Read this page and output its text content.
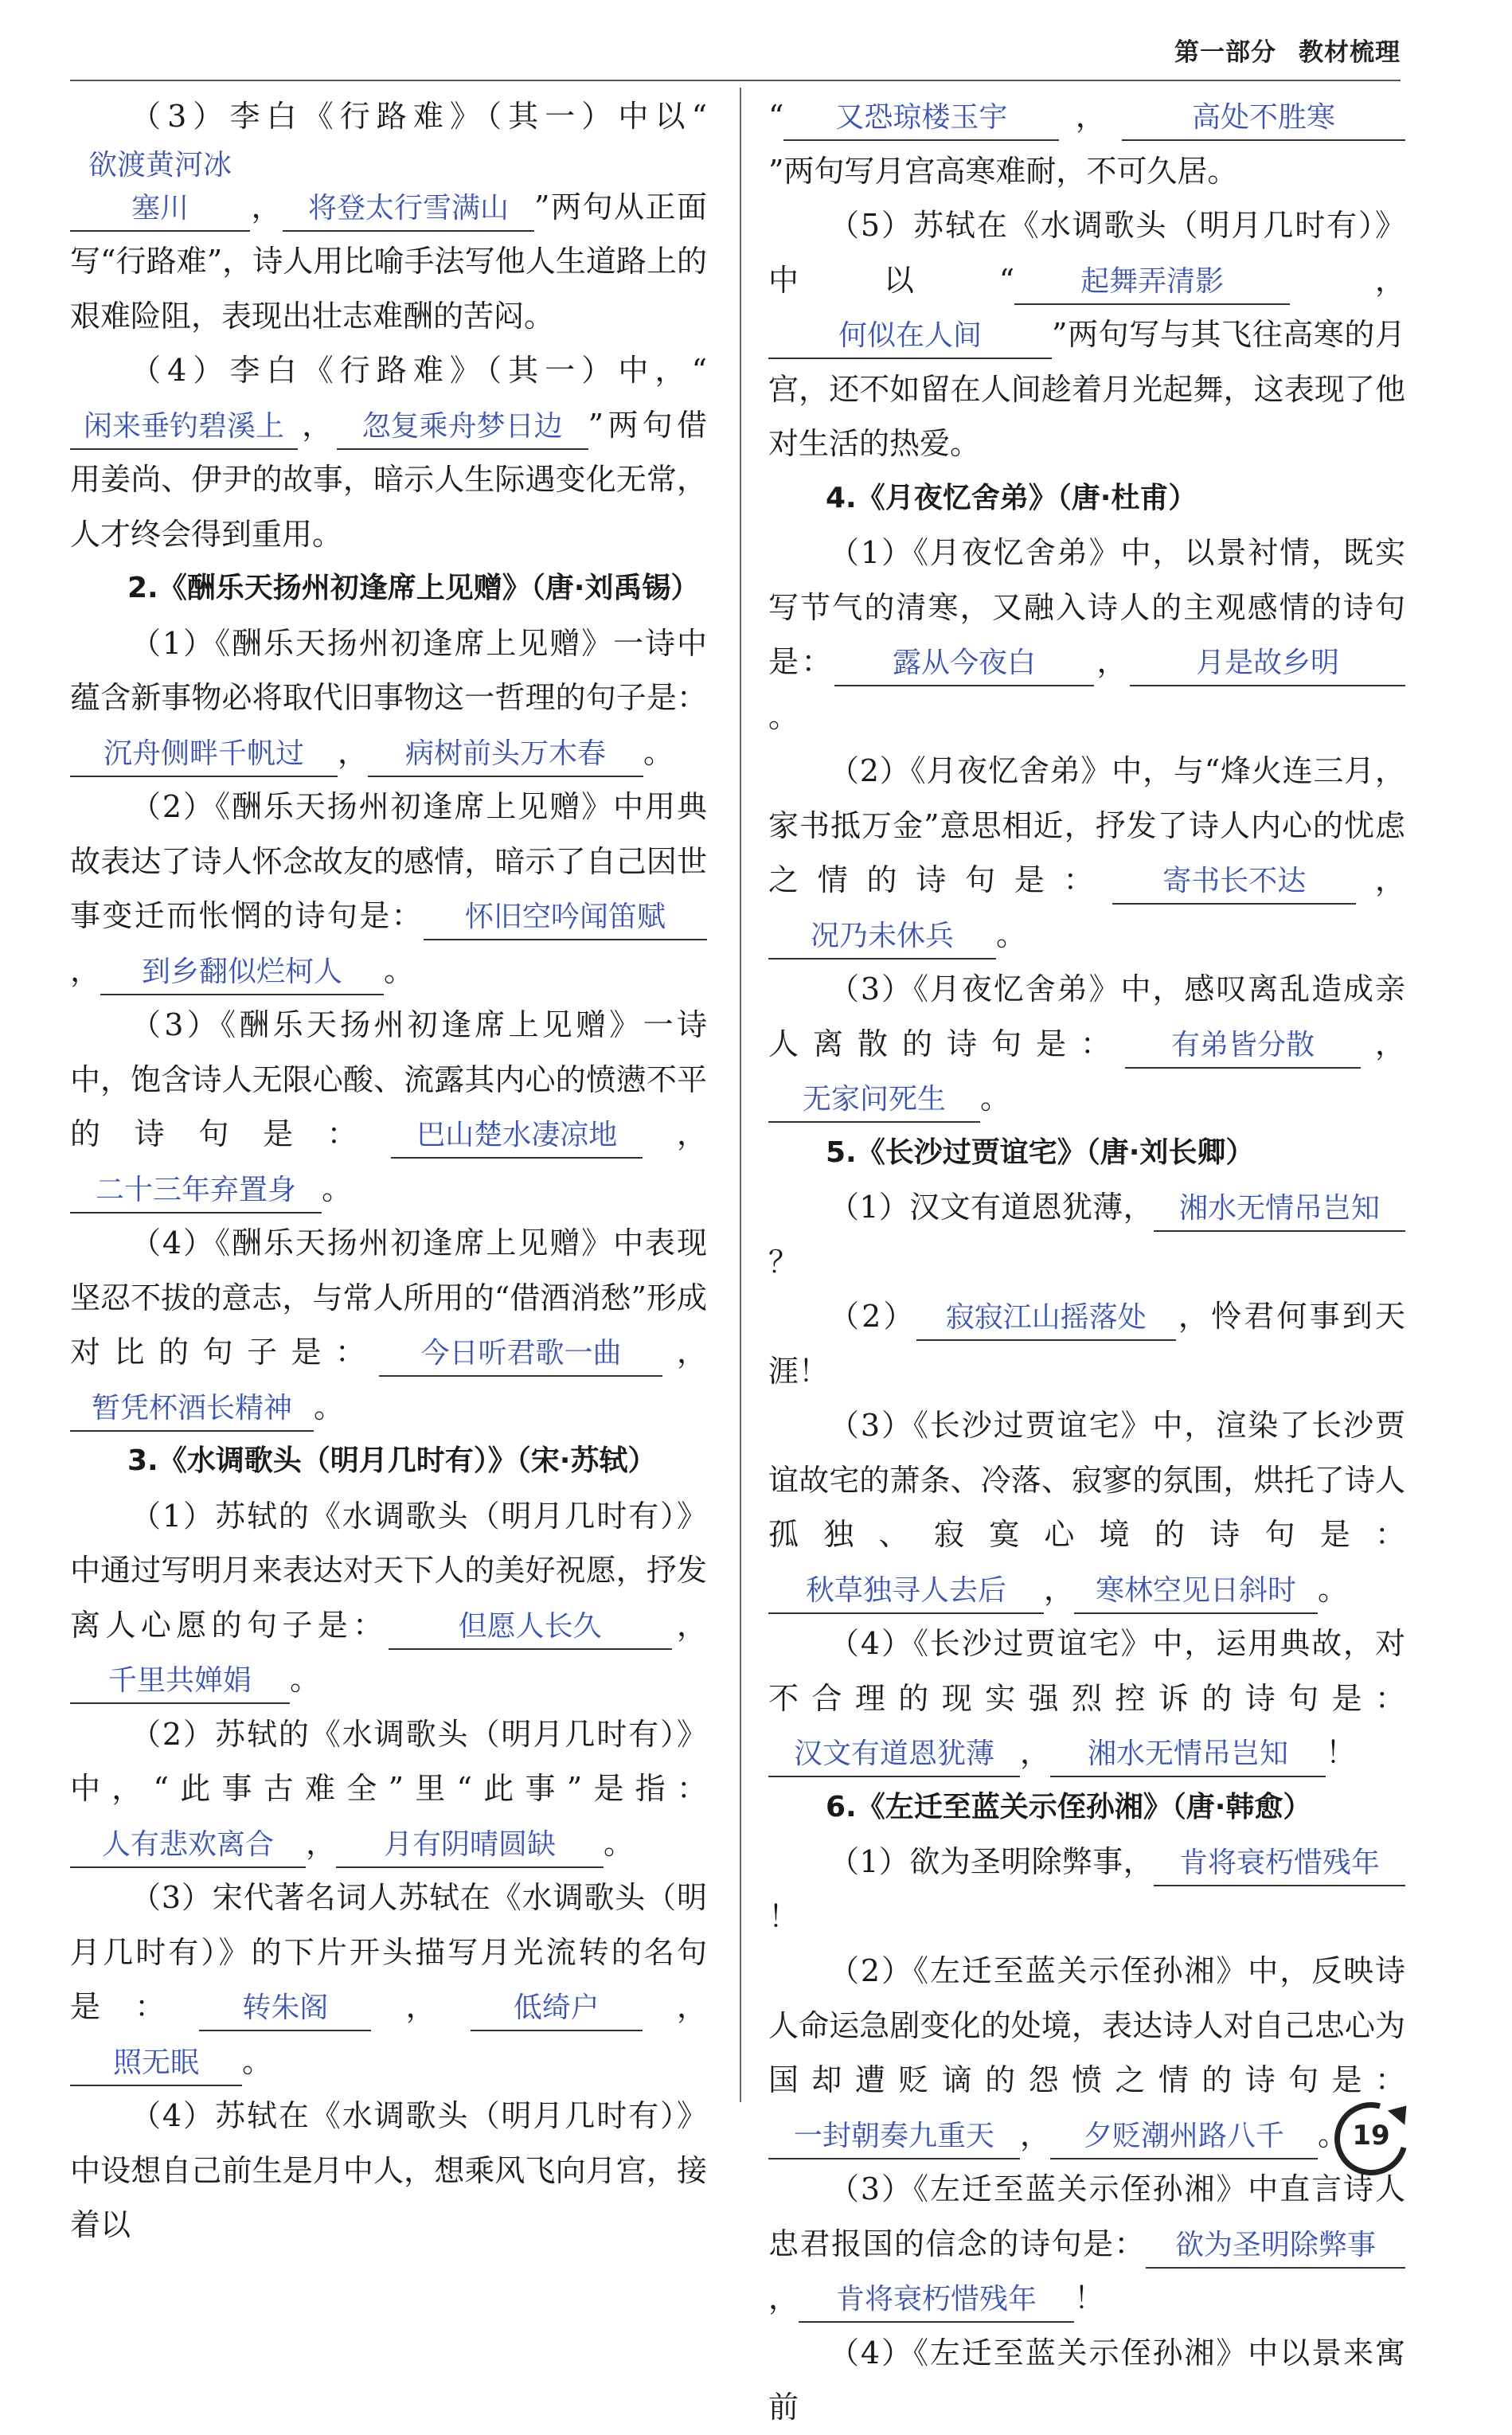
第一部分 教材梳理

（3）李白《行路难》（其一）中以“欲渡黄河冰塞川 ， 将登太行雪满山 ”两句从正面写“行路难”，诗人用比喻手法写他人生道路上的艰难险阻，表现出壮志难酬的苦闷。

（4）李白《行路难》（其一）中，“闲来垂钓碧溪上 ， 忽复乘舟梦日边 ”两句借用姜尚、伊尹的故事，暗示人生际遇变化无常，人才终会得到重用。

2.《酬乐天扬州初逢席上见赠》（唐·刘禹锡）

（1）《酬乐天扬州初逢席上见赠》一诗中蕴含新事物必将取代旧事物这一哲理的句子是：沉舟侧畔千帆过 ， 病树前头万木春 。

（2）《酬乐天扬州初逢席上见赠》中用典故表达了诗人怀念故友的感情，暗示了自己因世事变迁而怅惘的诗句是： 怀旧空吟闻笛赋， 到乡翻似烂柯人 。

（3）《酬乐天扬州初逢席上见赠》一诗中，饱含诗人无限心酸、流露其内心的愤懑不平的诗句是： 巴山楚水凄凉地 ，二十三年弃置身 。

（4）《酬乐天扬州初逢席上见赠》中表现坚忍不拔的意志，与常人所用的“借酒消愁”形成对比的句子是： 今日听君歌一曲 ，暂凭杯酒长精神 。

3.《水调歌头（明月几时有）》（宋·苏轼）

（1）苏轼的《水调歌头（明月几时有）》中通过写明月来表达对天下人的美好祝愿，抒发离人心愿的句子是： 但愿人长久 ，千里共婵娟 。

（2）苏轼的《水调歌头（明月几时有）》中，“此事古难全”里“此事”是指：人有悲欢离合 ， 月有阴晴圆缺 。

（3）宋代著名词人苏轼在《水调歌头（明月几时有）》的下片开头描写月光流转的名句是： 转朱阁 ， 低绮户 ，照无眠 。

（4）苏轼在《水调歌头（明月几时有）》中设想自己前生是月中人，想乘风飞向月宫，接着以

“ 又恐琼楼玉宇 ， 高处不胜寒”两句写月宫高寒难耐，不可久居。

（5）苏轼在《水调歌头（明月几时有）》中以“ 起舞弄清影 ，何似在人间 ”两句写与其飞往高寒的月宫，还不如留在人间趁着月光起舞，这表现了他对生活的热爱。

4.《月夜忆舍弟》（唐·杜甫）

（1）《月夜忆舍弟》中，以景衬情，既实写节气的清寒，又融入诗人的主观感情的诗句是： 露从今夜白 ， 月是故乡明。

（2）《月夜忆舍弟》中，与“烽火连三月，家书抵万金”意思相近，抒发了诗人内心的忧虑之情的诗句是： 寄书长不达 ，况乃未休兵 。

（3）《月夜忆舍弟》中，感叹离乱造成亲人离散的诗句是： 有弟皆分散 ，无家问死生 。

5.《长沙过贾谊宅》（唐·刘长卿）

（1）汉文有道恩犹薄， 湘水无情吊岂知？

（2） 寂寂江山摇落处 ，怜君何事到天涯！

（3）《长沙过贾谊宅》中，渲染了长沙贾谊故宅的萧条、冷落、寂寥的氛围，烘托了诗人孤独、寂寞心境的诗句是：秋草独寻人去后 ， 寒林空见日斜时 。

（4）《长沙过贾谊宅》中，运用典故，对不合理的现实强烈控诉的诗句是：汉文有道恩犹薄 ， 湘水无情吊岂知 ！

6.《左迁至蓝关示侄孙湘》（唐·韩愈）

（1）欲为圣明除弊事， 肯将衰朽惜残年！

（2）《左迁至蓝关示侄孙湘》中，反映诗人命运急剧变化的处境，表达诗人对自己忠心为国却遭贬谪的怨愤之情的诗句是：一封朝奏九重天 ， 夕贬潮州路八千 。

（3）《左迁至蓝关示侄孙湘》中直言诗人忠君报国的信念的诗句是： 欲为圣明除弊事， 肯将衰朽惜残年 ！

（4）《左迁至蓝关示侄孙湘》中以景来寓前

19
